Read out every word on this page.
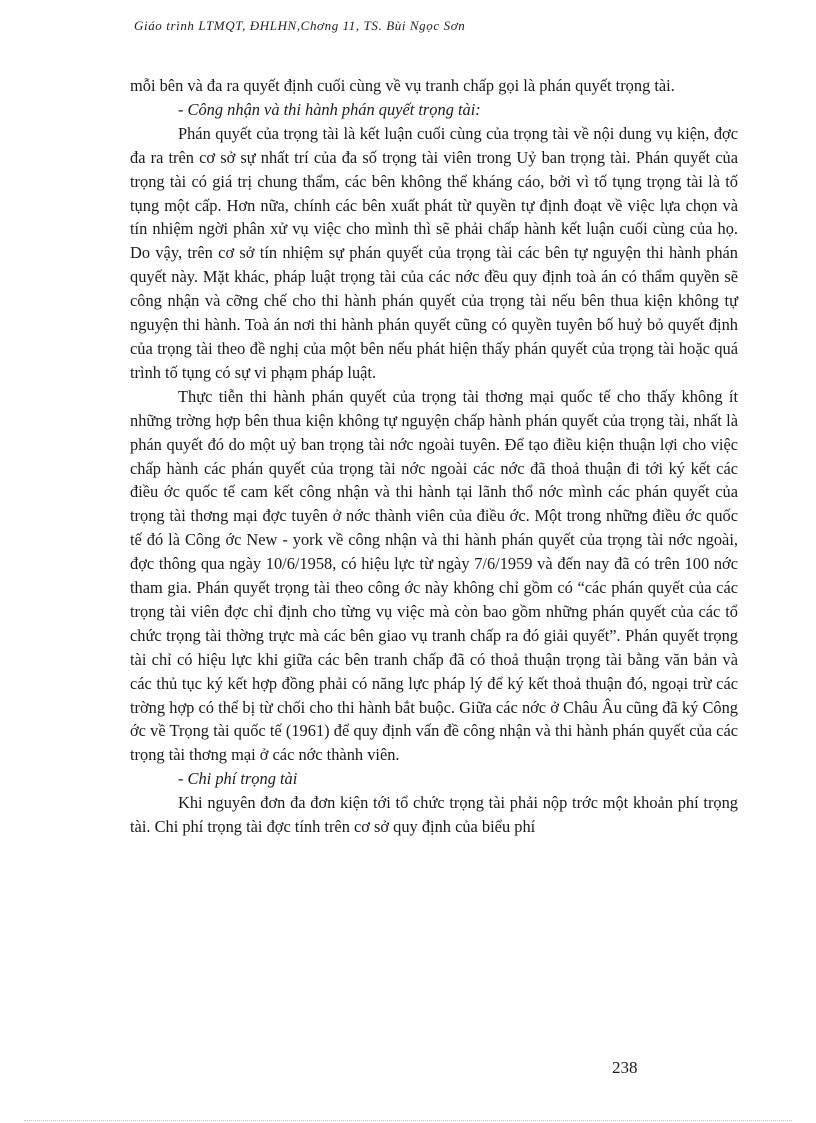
Giáo trình LTMQT, ĐHLHN,Chơng 11, TS. Bùi Ngọc Sơn

mỗi bên và đa ra quyết định cuối cùng về vụ tranh chấp gọi là phán quyết trọng tài.

- Công nhận và thi hành phán quyết trọng tài:

Phán quyết của trọng tài là kết luận cuối cùng của trọng tài về nội dung vụ kiện, đợc đa ra trên cơ sở sự nhất trí của đa số trọng tài viên trong Uỷ ban trọng tài. Phán quyết của trọng tài có giá trị chung thẩm, các bên không thể kháng cáo, bởi vì tố tụng trọng tài là tố tụng một cấp. Hơn nữa, chính các bên xuất phát từ quyền tự định đoạt về việc lựa chọn và tín nhiệm ngời phân xử vụ việc cho mình thì sẽ phải chấp hành kết luận cuối cùng của họ. Do vậy, trên cơ sở tín nhiệm sự phán quyết của trọng tài các bên tự nguyện thi hành phán quyết này. Mặt khác, pháp luật trọng tài của các nớc đều quy định toà án có thẩm quyền sẽ công nhận và cỡng chế cho thi hành phán quyết của trọng tài nếu bên thua kiện không tự nguyện thi hành. Toà án nơi thi hành phán quyết cũng có quyền tuyên bố huỷ bỏ quyết định của trọng tài theo đề nghị của một bên nếu phát hiện thấy phán quyết của trọng tài hoặc quá trình tố tụng có sự vi phạm pháp luật.

Thực tiễn thi hành phán quyết của trọng tài thơng mại quốc tế cho thấy không ít những trờng hợp bên thua kiện không tự nguyện chấp hành phán quyết của trọng tài, nhất là phán quyết đó do một uỷ ban trọng tài nớc ngoài tuyên. Để tạo điều kiện thuận lợi cho việc chấp hành các phán quyết của trọng tài nớc ngoài các nớc đã thoả thuận đi tới ký kết các điều ớc quốc tế cam kết công nhận và thi hành tại lãnh thổ nớc mình các phán quyết của trọng tài thơng mại đợc tuyên ở nớc thành viên của điều ớc. Một trong những điều ớc quốc tế đó là Công ớc New - york về công nhận và thi hành phán quyết của trọng tài nớc ngoài, đợc thông qua ngày 10/6/1958, có hiệu lực từ ngày 7/6/1959 và đến nay đã có trên 100 nớc tham gia. Phán quyết trọng tài theo công ớc này không chỉ gồm có “các phán quyết của các trọng tài viên đợc chỉ định cho từng vụ việc mà còn bao gồm những phán quyết của các tổ chức trọng tài thờng trực mà các bên giao vụ tranh chấp ra đó giải quyết”. Phán quyết trọng tài chỉ có hiệu lực khi giữa các bên tranh chấp đã có thoả thuận trọng tài bằng văn bản và các thủ tục ký kết hợp đồng phải có năng lực pháp lý để ký kết thoả thuận đó, ngoại trừ các trờng hợp có thể bị từ chối cho thi hành bắt buộc. Giữa các nớc ở Châu Âu cũng đã ký Công ớc về Trọng tài quốc tế (1961) để quy định vấn đề công nhận và thi hành phán quyết của các trọng tài thơng mại ở các nớc thành viên.

- Chi phí trọng tài

Khi nguyên đơn đa đơn kiện tới tổ chức trọng tài phải nộp trớc một khoản phí trọng tài. Chi phí trọng tài đợc tính trên cơ sở quy định của biểu phí

238
